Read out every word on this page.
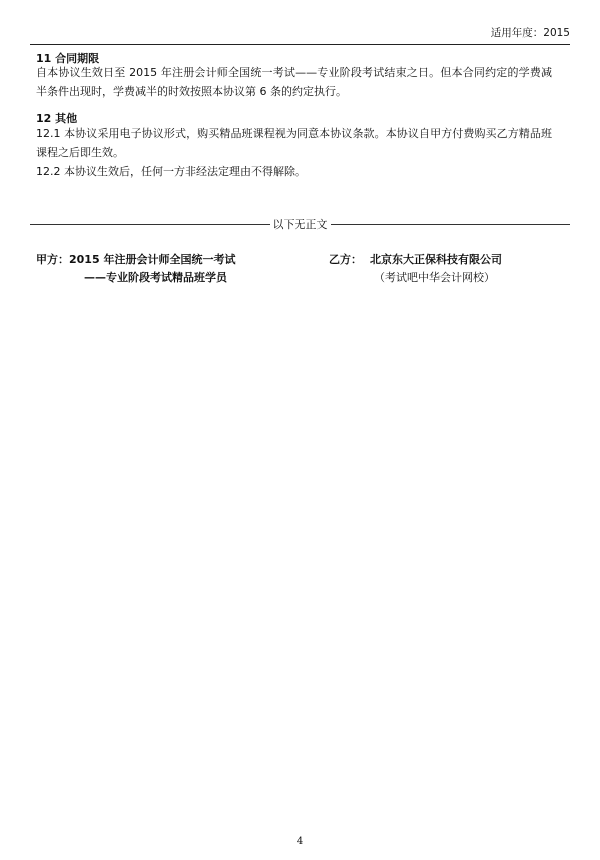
适用年度：2015
11 合同期限
自本协议生效日至 2015 年注册会计师全国统一考试——专业阶段考试结束之日。但本合同约定的学费减半条件出现时，学费减半的时效按照本协议第 6 条的约定执行。
12 其他
12.1 本协议采用电子协议形式，购买精品班课程视为同意本协议条款。本协议自甲方付费购买乙方精品班课程之后即生效。
12.2 本协议生效后，任何一方非经法定理由不得解除。
以下无正文
甲方：2015 年注册会计师全国统一考试
——专业阶段考试精品班学员
乙方： 北京东大正保科技有限公司
（考试吧中华会计网校）
4
